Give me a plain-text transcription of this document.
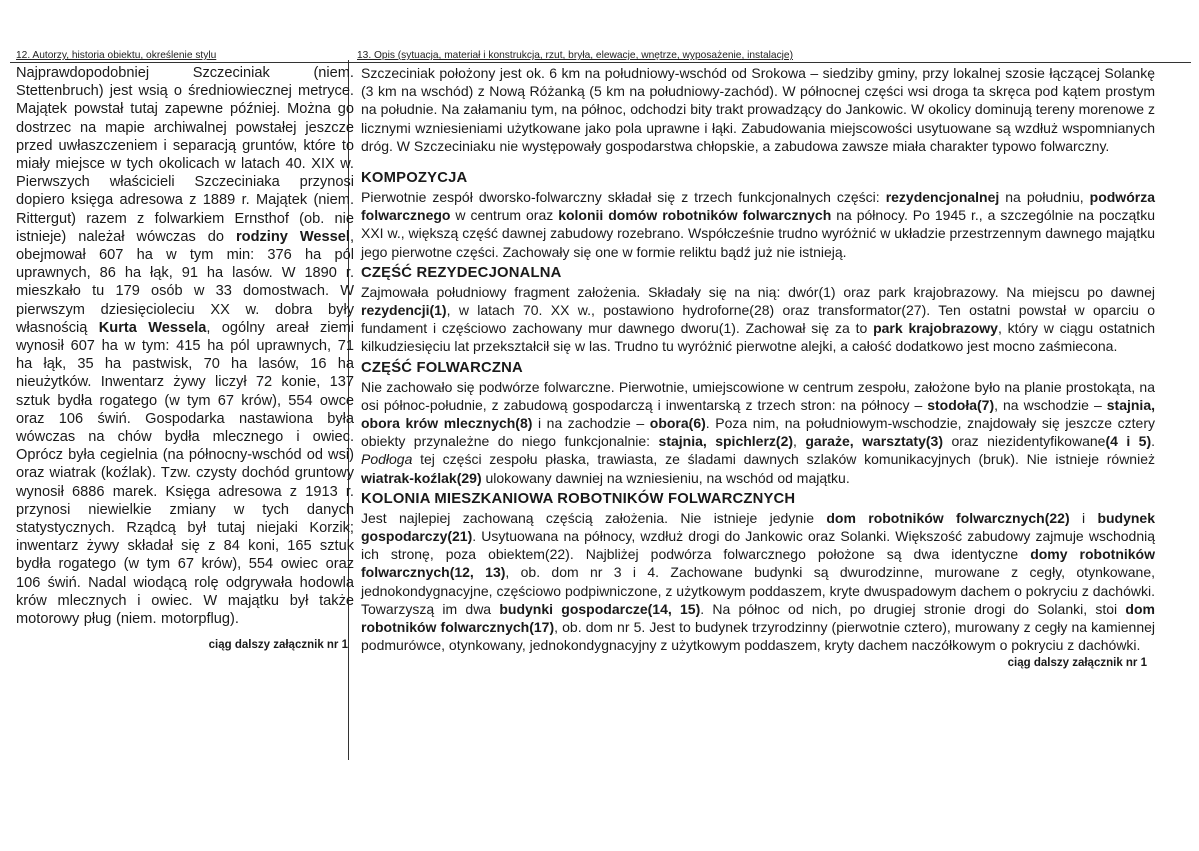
12. Autorzy, historia obiektu, określenie stylu

Najprawdopodobniej Szczeciniak (niem. Stettenbruch) jest wsią o średniowiecznej metryce. Majątek powstał tutaj zapewne później. Można go dostrzec na mapie archiwalnej powstałej jeszcze przed uwłaszczeniem i separacją gruntów, które to miały miejsce w tych okolicach w latach 40. XIX w. Pierwszych właścicieli Szczeciniaka przynosi dopiero księga adresowa z 1889 r. Majątek (niem. Rittergut) razem z folwarkiem Ernsthof (ob. nie istnieje) należał wówczas do rodziny Wessel, obejmował 607 ha w tym min: 376 ha pól uprawnych, 86 ha łąk, 91 ha lasów. W 1890 r. mieszkało tu 179 osób w 33 domostwach. W pierwszym dziesięcioleciu XX w. dobra były własnością Kurta Wessela, ogólny areał ziemi wynosił 607 ha w tym: 415 ha pól uprawnych, 71 ha łąk, 35 ha pastwisk, 70 ha lasów, 16 ha nieużytków. Inwentarz żywy liczył 72 konie, 137 sztuk bydła rogatego (w tym 67 krów), 554 owce oraz 106 świń. Gospodarka nastawiona była wówczas na chów bydła mlecznego i owiec. Oprócz była cegielnia (na północny-wschód od wsi) oraz wiatrak (koźlak). Tzw. czysty dochód gruntowy wynosił 6886 marek. Księga adresowa z 1913 r. przynosi niewielkie zmiany w tych danych statystycznych. Rządcą był tutaj niejaki Korzik; inwentarz żywy składał się z 84 koni, 165 sztuk bydła rogatego (w tym 67 krów), 554 owiec oraz 106 świń. Nadal wiodącą rolę odgrywała hodowla krów mlecznych i owiec. W majątku był także motorowy pług (niem. motorpflug).

ciąg dalszy załącznik nr 1
13. Opis (sytuacja, materiał i konstrukcja, rzut, bryła, elewacje, wnętrze, wyposażenie, instalacje)

Szczeciniak położony jest ok. 6 km na południowy-wschód od Srokowa – siedziby gminy, przy lokalnej szosie łączącej Solankę (3 km na wschód) z Nową Różanką (5 km na południowy-zachód). W północnej części wsi droga ta skręca pod kątem prostym na południe. Na załamaniu tym, na północ, odchodzi bity trakt prowadzący do Jankowic. W okolicy dominują tereny morenowe z licznymi wzniesieniami użytkowane jako pola uprawne i łąki. Zabudowania miejscowości usytuowane są wzdłuż wspomnianych dróg. W Szczeciniaku nie występowały gospodarstwa chłopskie, a zabudowa zawsze miała charakter typowo folwarczny.

KOMPOZYCJA

Pierwotnie zespół dworsko-folwarczny składał się z trzech funkcjonalnych części: rezydencjonalnej na południu, podwórza folwarcznego w centrum oraz kolonii domów robotników folwarcznych na północy. Po 1945 r., a szczególnie na początku XXI w., większą część dawnej zabudowy rozebrano. Współcześnie trudno wyróżnić w układzie przestrzennym dawnego majątku jego pierwotne części. Zachowały się one w formie reliktu bądź już nie istnieją.

CZĘŚĆ REZYDECJONALNA

Zajmowała południowy fragment założenia. Składały się na nią: dwór(1) oraz park krajobrazowy. Na miejscu po dawnej rezydencji(1), w latach 70. XX w., postawiono hydroforne(28) oraz transformator(27). Ten ostatni powstał w oparciu o fundament i częściowo zachowany mur dawnego dworu(1). Zachował się za to park krajobrazowy, który w ciągu ostatnich kilkudziesięciu lat przekształcił się w las. Trudno tu wyróżnić pierwotne alejki, a całość dodatkowo jest mocno zaśmiecona.

CZĘŚĆ FOLWARCZNA

Nie zachowało się podwórze folwarczne. Pierwotnie, umiejscowione w centrum zespołu, założone było na planie prostokąta, na osi północ-południe, z zabudową gospodarczą i inwentarską z trzech stron: na północy – stodoła(7), na wschodzie – stajnia, obora krów mlecznych(8) i na zachodzie – obora(6). Poza nim, na południowym-wschodzie, znajdowały się jeszcze cztery obiekty przynależne do niego funkcjonalnie: stajnia, spichlerz(2), garaże, warsztaty(3) oraz niezidentyfikowane(4 i 5). Podłoga tej części zespołu płaska, trawiasta, ze śladami dawnych szlaków komunikacyjnych (bruk). Nie istnieje również wiatrak-koźlak(29) ulokowany dawniej na wzniesieniu, na wschód od majątku.

KOLONIA MIESZKANIOWA ROBOTNIKÓW FOLWARCZNYCH

Jest najlepiej zachowaną częścią założenia. Nie istnieje jedynie dom robotników folwarcznych(22) i budynek gospodarczy(21). Usytuowana na północy, wzdłuż drogi do Jankowic oraz Solanki. Większość zabudowy zajmuje wschodnią ich stronę, poza obiektem(22). Najbliżej podwórza folwarcznego położone są dwa identyczne domy robotników folwarcznych(12, 13), ob. dom nr 3 i 4. Zachowane budynki są dwurodzinne, murowane z cegły, otynkowane, jednokondygnacyjne, częściowo podpiwniczone, z użytkowym poddaszem, kryte dwuspadowym dachem o pokryciu z dachówki. Towarzyszą im dwa budynki gospodarcze(14, 15). Na północ od nich, po drugiej stronie drogi do Solanki, stoi dom robotników folwarcznych(17), ob. dom nr 5. Jest to budynek trzyrodzinny (pierwotnie cztero), murowany z cegły na kamiennej podmurówce, otynkowany, jednokondygnacyjny z użytkowym poddaszem, kryty dachem naczółkowym o pokryciu z dachówki.

ciąg dalszy załącznik nr 1
